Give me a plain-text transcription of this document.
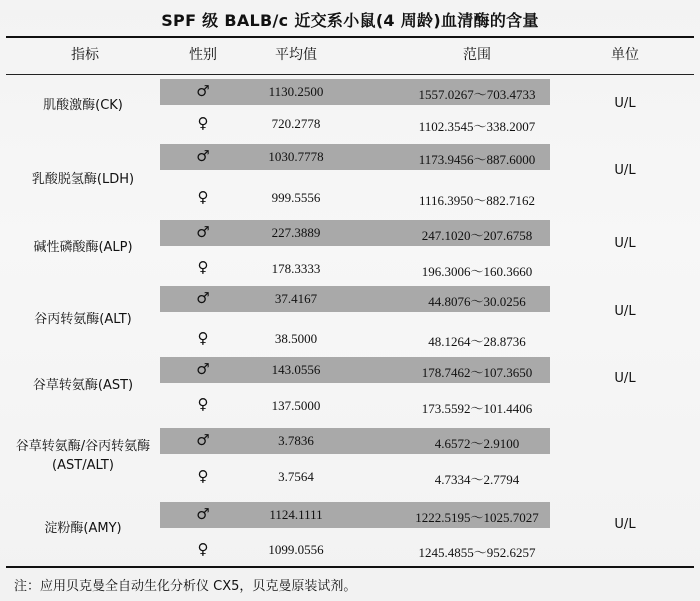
SPF 级 BALB/c 近交系小鼠(4 周龄)血清酶的含量
指标	性别	平均值	范围	单位
肌酸激酶(CK)	U/L
♂	1130.2500	1557.0267～703.4733
♀	720.2778	1102.3545～338.2007
乳酸脱氢酶(LDH)
U/L
♂	1030.7778	1173.9456～887.6000
♀	999.5556	1116.3950～882.7162
碱性磷酸酶(ALP)	U/L
♂	227.3889	247.1020～207.6758
♀	178.3333	196.3006～160.3660
谷丙转氨酶(ALT)
U/L
♂	37.4167	44.8076～30.0256
♀	38.5000	48.1264～28.8736
谷草转氨酶(AST)	U/L
♂	143.0556	178.7462～107.3650
♀	137.5000	173.5592～101.4406
谷草转氨酶/谷丙转氨酶
(AST/ALT)
♂	3.7836	4.6572～2.9100
♀	3.7564	4.7334～2.7794
淀粉酶(AMY)	U/L
♂	1124.1111	1222.5195～1025.7027
♀	1099.0556	1245.4855～952.6257
注：应用贝克曼全自动生化分析仪 CX5，贝克曼原装试剂。
